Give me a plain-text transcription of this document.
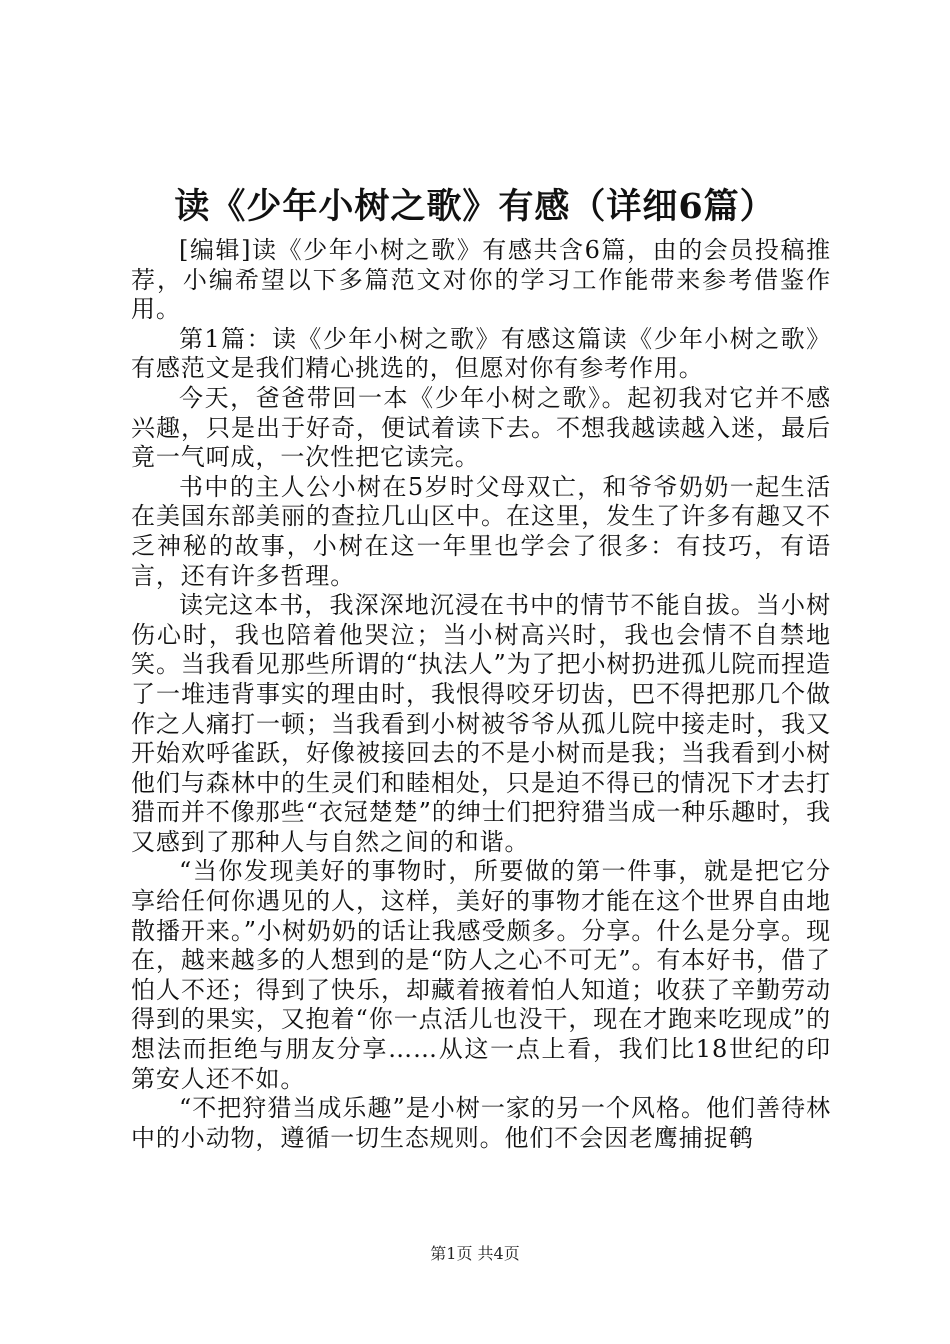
读《少年小树之歌》有感（详细6篇）

[编辑]读《少年小树之歌》有感共含6篇，由的会员投稿推荐，小编希望以下多篇范文对你的学习工作能带来参考借鉴作用。

第1篇：读《少年小树之歌》有感这篇读《少年小树之歌》有感范文是我们精心挑选的，但愿对你有参考作用。

今天，爸爸带回一本《少年小树之歌》。起初我对它并不感兴趣，只是出于好奇，便试着读下去。不想我越读越入迷，最后竟一气呵成，一次性把它读完。

书中的主人公小树在5岁时父母双亡，和爷爷奶奶一起生活在美国东部美丽的查拉几山区中。在这里，发生了许多有趣又不乏神秘的故事，小树在这一年里也学会了很多：有技巧，有语言，还有许多哲理。

读完这本书，我深深地沉浸在书中的情节不能自拔。当小树伤心时，我也陪着他哭泣；当小树高兴时，我也会情不自禁地笑。当我看见那些所谓的“执法人”为了把小树扔进孤儿院而捏造了一堆违背事实的理由时，我恨得咬牙切齿，巴不得把那几个做作之人痛打一顿；当我看到小树被爷爷从孤儿院中接走时，我又开始欢呼雀跃，好像被接回去的不是小树而是我；当我看到小树他们与森林中的生灵们和睦相处，只是迫不得已的情况下才去打猎而并不像那些“衣冠楚楚”的绅士们把狩猎当成一种乐趣时，我又感到了那种人与自然之间的和谐。

“当你发现美好的事物时，所要做的第一件事，就是把它分享给任何你遇见的人，这样，美好的事物才能在这个世界自由地散播开来。”小树奶奶的话让我感受颇多。分享。什么是分享。现在，越来越多的人想到的是“防人之心不可无”。有本好书，借了怕人不还；得到了快乐，却藏着掖着怕人知道；收获了辛勤劳动得到的果实，又抱着“你一点活儿也没干，现在才跑来吃现成”的想法而拒绝与朋友分享……从这一点上看，我们比18世纪的印第安人还不如。

“不把狩猎当成乐趣”是小树一家的另一个风格。他们善待林中的小动物，遵循一切生态规则。他们不会因老鹰捕捉鹌

第1页 共4页
